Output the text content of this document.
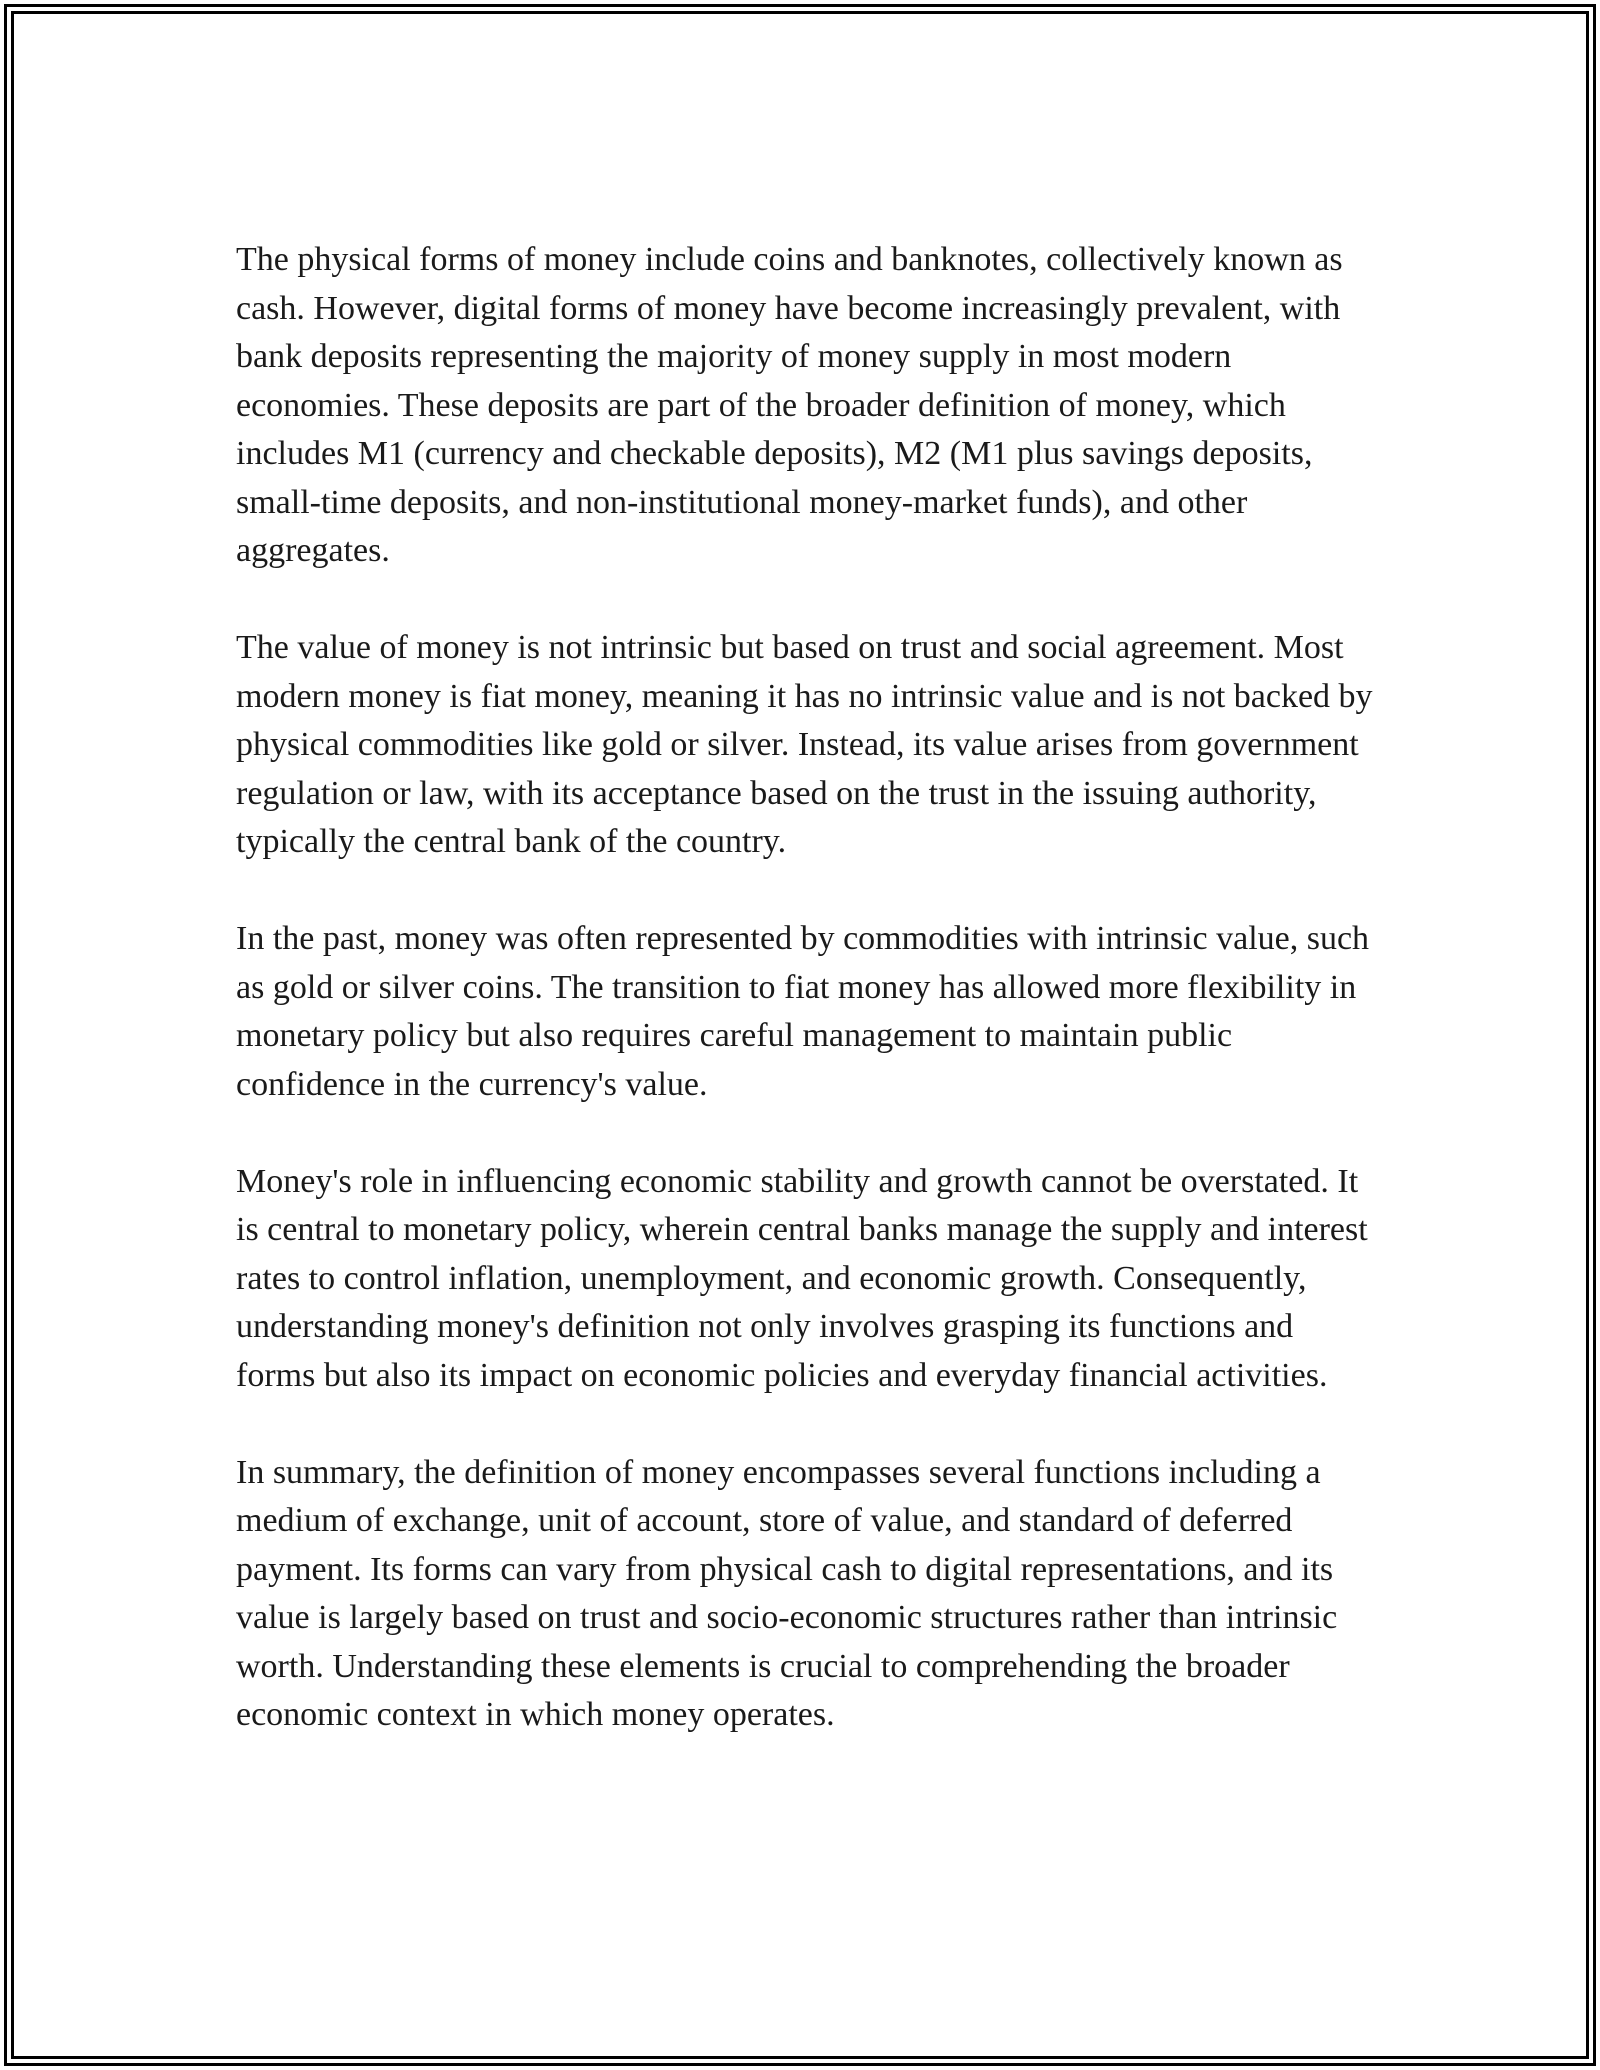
The physical forms of money include coins and banknotes, collectively known as cash. However, digital forms of money have become increasingly prevalent, with bank deposits representing the majority of money supply in most modern economies. These deposits are part of the broader definition of money, which includes M1 (currency and checkable deposits), M2 (M1 plus savings deposits, small-time deposits, and non-institutional money-market funds), and other aggregates.

The value of money is not intrinsic but based on trust and social agreement. Most modern money is fiat money, meaning it has no intrinsic value and is not backed by physical commodities like gold or silver. Instead, its value arises from government regulation or law, with its acceptance based on the trust in the issuing authority, typically the central bank of the country.

In the past, money was often represented by commodities with intrinsic value, such as gold or silver coins. The transition to fiat money has allowed more flexibility in monetary policy but also requires careful management to maintain public confidence in the currency's value.

Money's role in influencing economic stability and growth cannot be overstated. It is central to monetary policy, wherein central banks manage the supply and interest rates to control inflation, unemployment, and economic growth. Consequently, understanding money's definition not only involves grasping its functions and forms but also its impact on economic policies and everyday financial activities.

In summary, the definition of money encompasses several functions including a medium of exchange, unit of account, store of value, and standard of deferred payment. Its forms can vary from physical cash to digital representations, and its value is largely based on trust and socio-economic structures rather than intrinsic worth. Understanding these elements is crucial to comprehending the broader economic context in which money operates.
